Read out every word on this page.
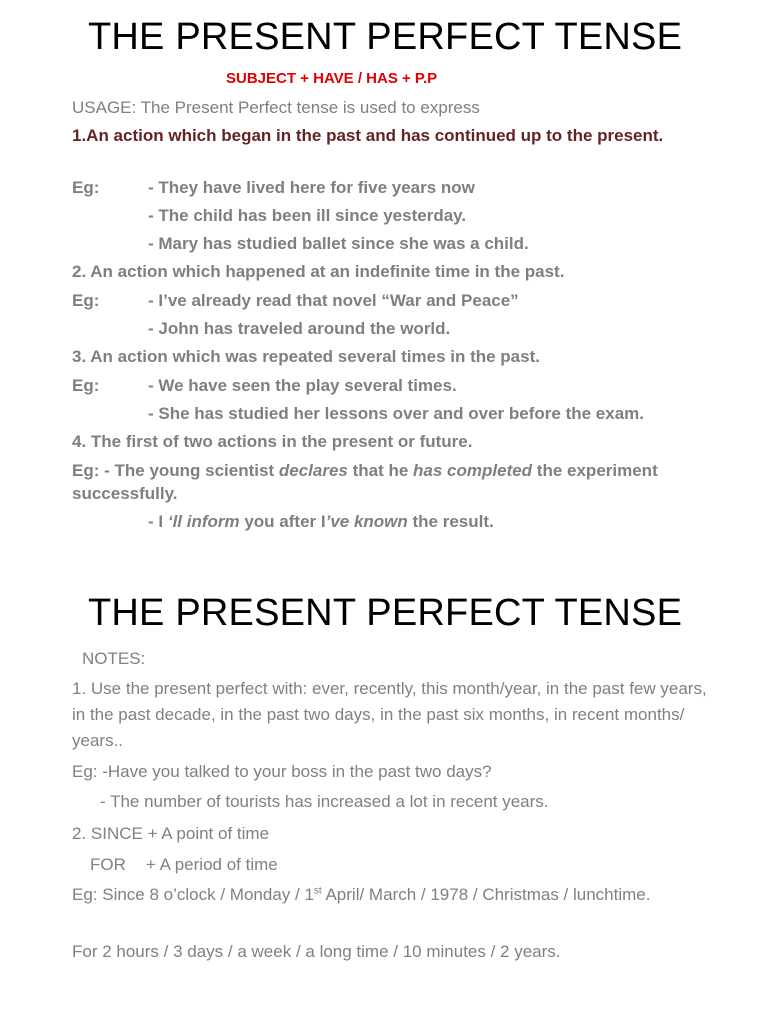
THE PRESENT PERFECT TENSE
SUBJECT + HAVE / HAS + P.P
USAGE: The Present Perfect tense is used to express
1.An action which began in the past and has continued up to the present.
Eg:	- They have lived here for five years now
- The child has been ill since yesterday.
- Mary has studied ballet since she was a child.
2. An action which happened at an indefinite time in the past.
Eg:	- I’ve already read that novel “War and Peace”
- John has traveled around the world.
3. An action which was repeated several times in the past.
Eg:	- We have seen the play several times.
- She has studied her lessons over and over before the exam.
4. The first of two actions in the present or future.
Eg: - The young scientist declares that he has completed the experiment successfully.
- I ‘ll inform you after I’ve known the result.
THE PRESENT PERFECT TENSE
NOTES:
1. Use the present perfect with: ever, recently, this month/year, in the past few years, in the past decade, in the past two days, in the past six months, in recent months/ years..
Eg: -Have you talked to your boss in the past two days?
- The number of tourists has increased a lot in recent years.
2. SINCE + A point of time
FOR + A period of time
Eg: Since 8 o’clock / Monday / 1st April/ March / 1978 / Christmas / lunchtime.
For 2 hours / 3 days / a week / a long time / 10 minutes / 2 years.
